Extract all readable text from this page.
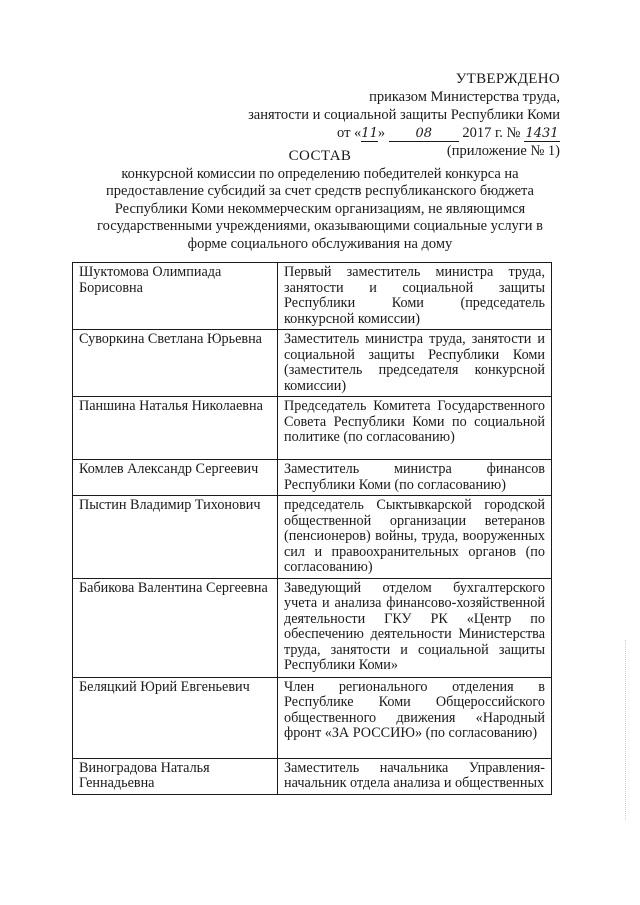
УТВЕРЖДЕНО
приказом Министерства труда,
занятости и социальной защиты Республики Коми
от «11» 08 2017 г. № 1431
(приложение № 1)
СОСТАВ
конкурсной комиссии по определению победителей конкурса на
предоставление субсидий за счет средств республиканского бюджета
Республики Коми некоммерческим организациям, не являющимся
государственными учреждениями, оказывающими социальные услуги в
форме социального обслуживания на дому
Шуктомова Олимпиада Борисовна	Первый заместитель министра труда, занятости и социальной защиты Республики Коми (председатель конкурсной комиссии)
Суворкина Светлана Юрьевна	Заместитель министра труда, занятости и социальной защиты Республики Коми (заместитель председателя конкурсной комиссии)
Паншина Наталья Николаевна	Председатель Комитета Государственного Совета Республики Коми по социальной политике (по согласованию)
Комлев Александр Сергеевич	Заместитель министра финансов Республики Коми (по согласованию)
Пыстин Владимир Тихонович	председатель Сыктывкарской городской общественной организации ветеранов (пенсионеров) войны, труда, вооруженных сил и правоохранительных органов (по согласованию)
Бабикова Валентина Сергеевна	Заведующий отделом бухгалтерского учета и анализа финансово-хозяйственной деятельности ГКУ РК «Центр по обеспечению деятельности Министерства труда, занятости и социальной защиты Республики Коми»
Беляцкий Юрий Евгеньевич	Член регионального отделения в Республике Коми Общероссийского общественного движения «Народный фронт «ЗА РОССИЮ» (по согласованию)
Виноградова Наталья Геннадьевна	Заместитель начальника Управления-начальник отдела анализа и общественных
